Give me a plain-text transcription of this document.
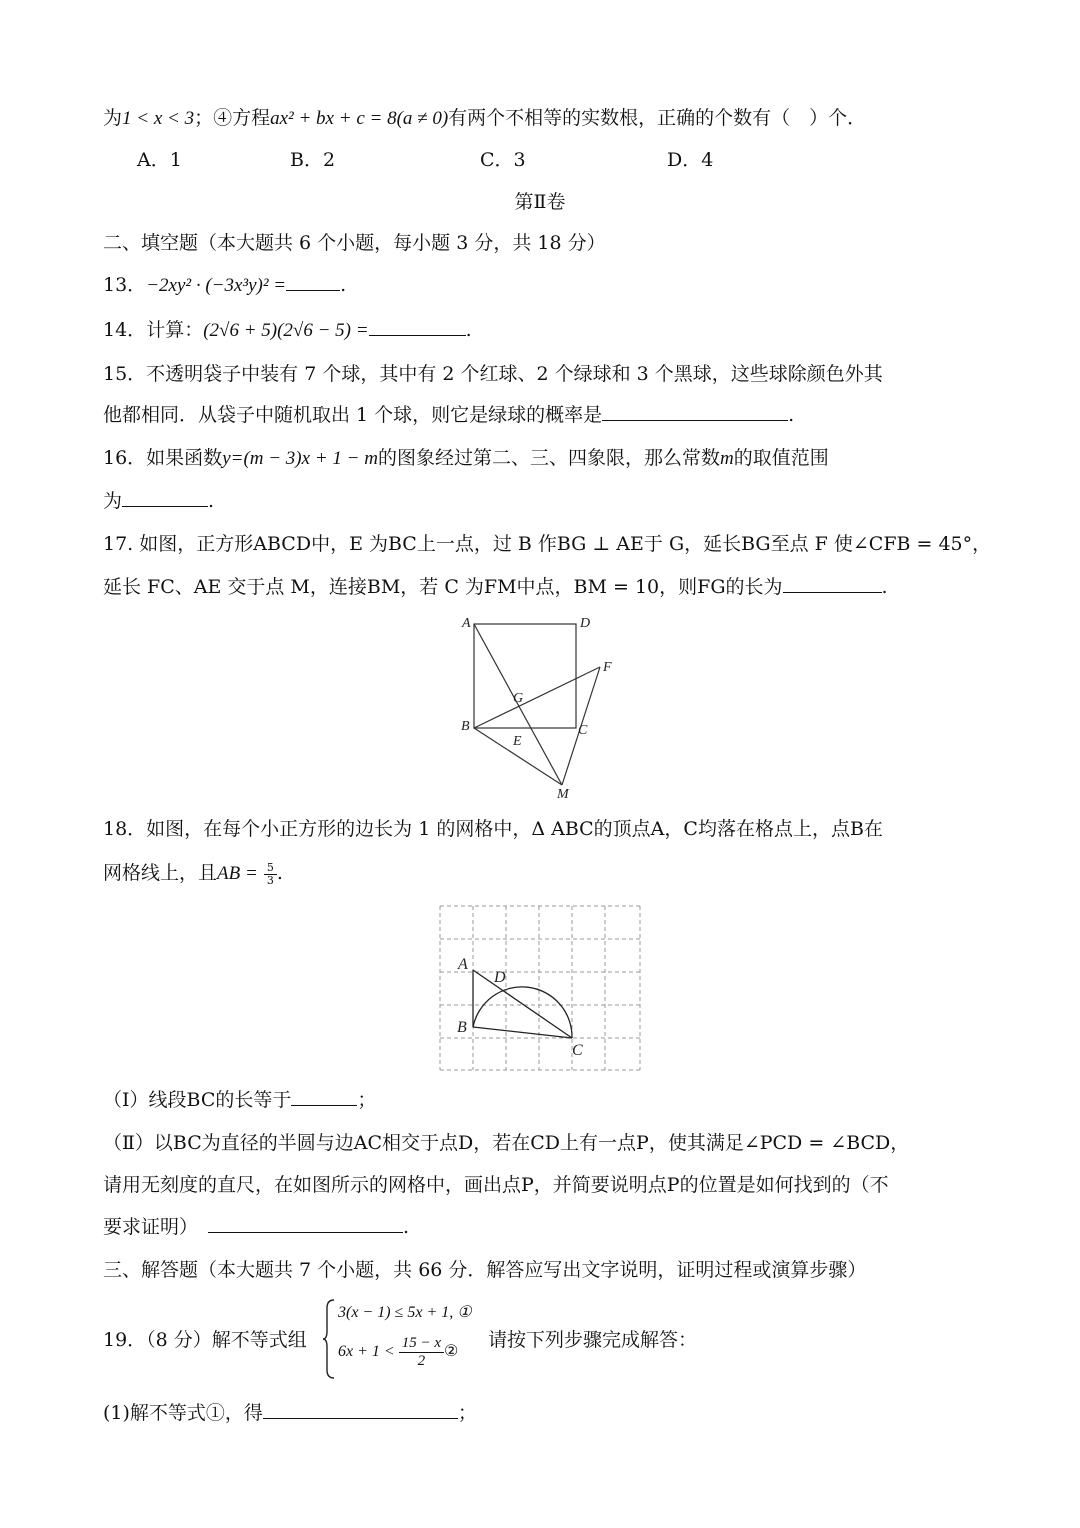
为1 < x < 3；④方程ax² + bx + c = 8(a ≠ 0)有两个不相等的实数根，正确的个数有（　）个．
A．1	B．2	C．3	D．4
第Ⅱ卷
二、填空题（本大题共 6 个小题，每小题 3 分，共 18 分）
13．−2xy² · (−3x³y)² =	.
14．计算：(2√6 + 5)(2√6 − 5) =	.
15．不透明袋子中装有 7 个球，其中有 2 个红球、2 个绿球和 3 个黑球，这些球除颜色外其
他都相同．从袋子中随机取出 1 个球，则它是绿球的概率是	.
16．如果函数y=(m − 3)x + 1 − m的图象经过第二、三、四象限，那么常数m的取值范围
为	.
17. 如图，正方形ABCD中，E 为BC上一点，过 B 作BG ⊥ AE于 G，延长BG至点 F 使∠CFB = 45°，
延长 FC、AE 交于点 M，连接BM，若 C 为FM中点，BM = 10，则FG的长为	.
A	D
F
G
B
E
C
M
18．如图，在每个小正方形的边长为 1 的网格中，Δ ABC的顶点A，C均落在格点上，点B在
网格线上，且AB = $\frac{5}{3}$ .
A
D
B
C
（Ⅰ）线段BC的长等于	；
（Ⅱ）以BC为直径的半圆与边AC相交于点D，若在CD上有一点P，使其满足∠PCD = ∠BCD，
请用无刻度的直尺，在如图所示的网格中，画出点P，并简要说明点P的位置是如何找到的（不
要求证明）	.
三、解答题（本大题共 7 个小题，共 66 分．解答应写出文字说明，证明过程或演算步骤）
19．（8 分）解不等式组
3(x − 1) ≤ 5x + 1, ①
$6x + 1 < \frac{15 - x}{2}$ ②
请按下列步骤完成解答：
(1)解不等式①，得	；
